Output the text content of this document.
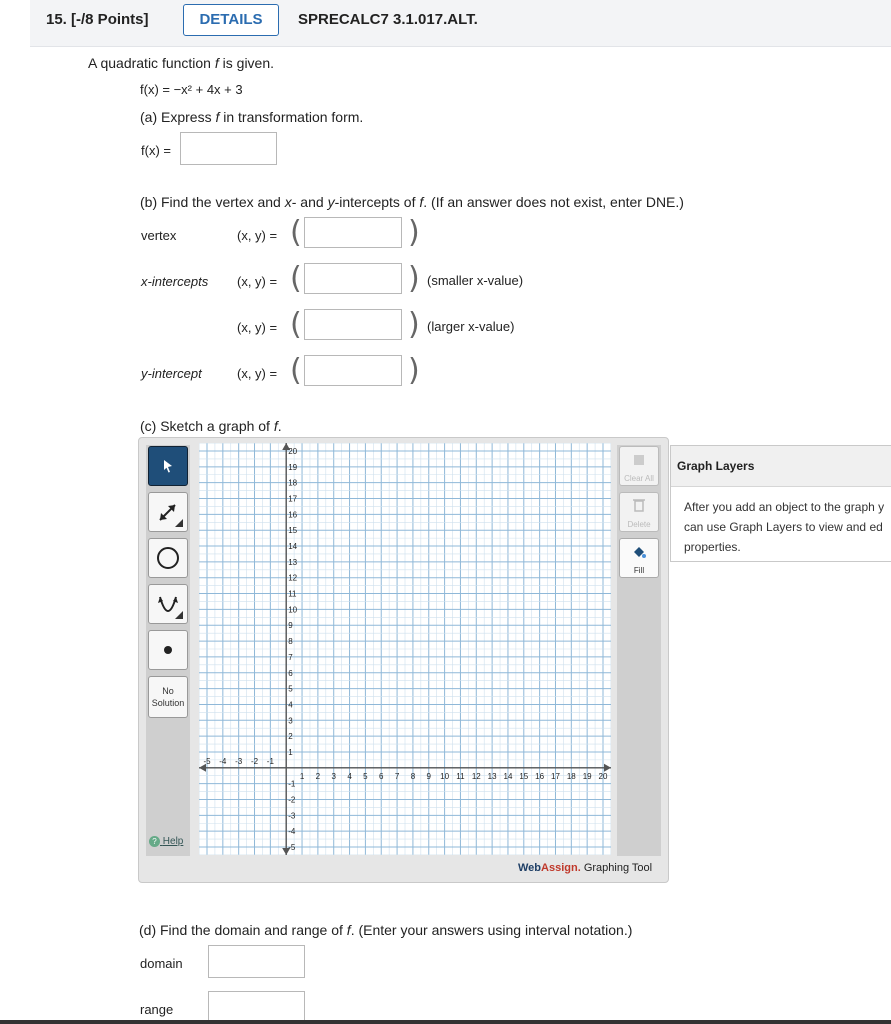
15. [-/8 Points]	DETAILS	SPRECALC7 3.1.017.ALT.
A quadratic function f is given.
f(x) = −x² + 4x + 3
(a) Express f in transformation form.
f(x) =
(b) Find the vertex and x- and y-intercepts of f. (If an answer does not exist, enter DNE.)
vertex	(x, y) = (	)
x-intercepts (x, y) = (	) (smaller x-value)
(x, y) = (	) (larger x-value)
y-intercept	(x, y) = (	)
(c) Sketch a graph of f.
No
Solution
? Help
-5 -4 -3 -2 -1
1 2 3 4 5 6 7 8 9 10 11 12 13 14 15 16 17 18 19 20
-5
-4
-3
-2
-1
1
2
3
4
5
6
7
8
9
10
11
12
13
14
15
16
17
18
19
20
Clear All
Delete
Fill
WebAssign. Graphing Tool
Graph Layers
After you add an object to the graph y
can use Graph Layers to view and ed
properties.
(d) Find the domain and range of f. (Enter your answers using interval notation.)
domain
range
